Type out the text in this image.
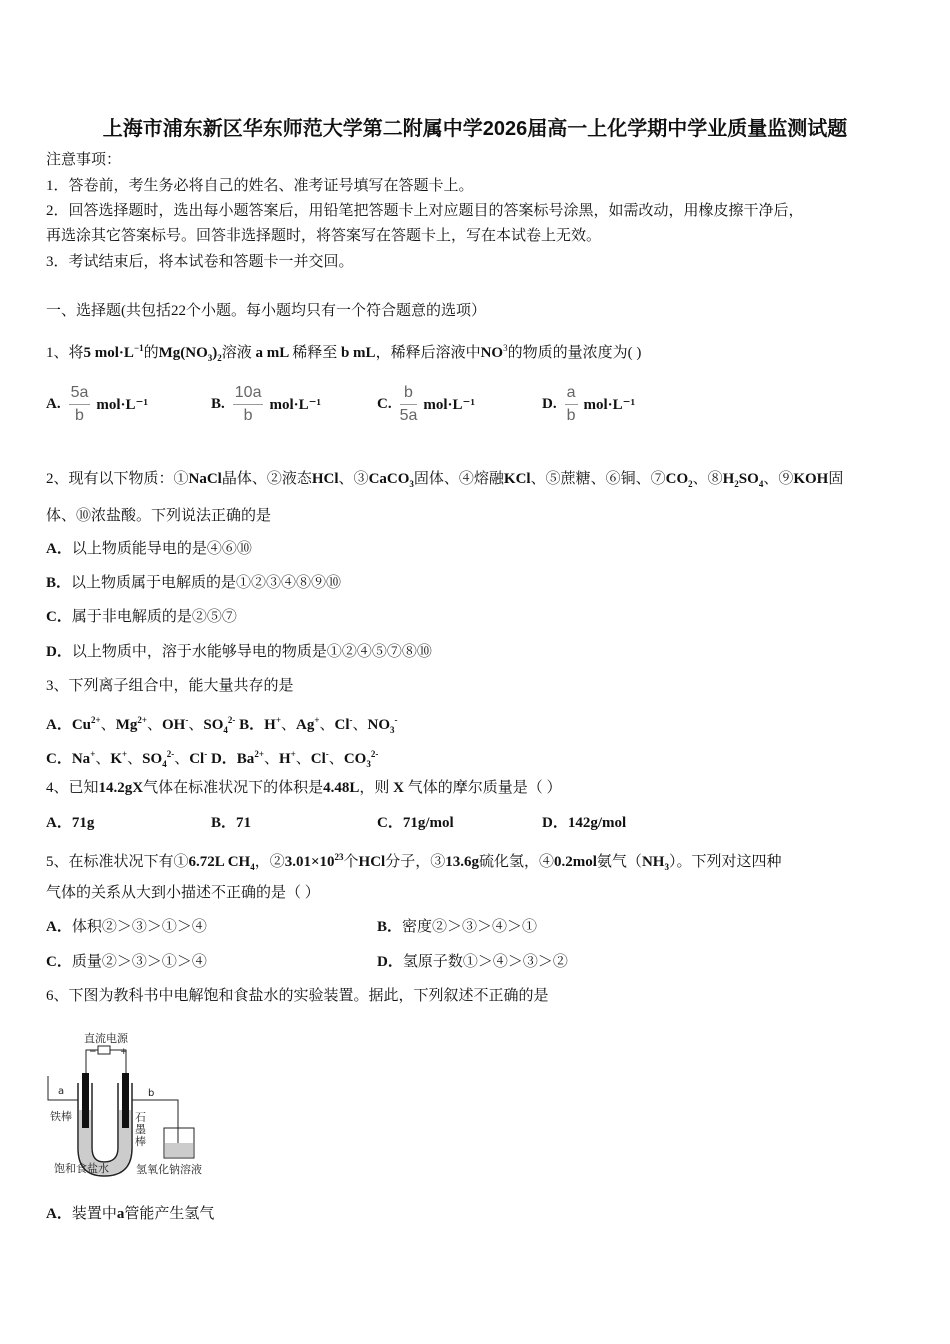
上海市浦东新区华东师范大学第二附属中学2026届高一上化学期中学业质量监测试题
注意事项：
1．答卷前，考生务必将自己的姓名、准考证号填写在答题卡上。
2．回答选择题时，选出每小题答案后，用铅笔把答题卡上对应题目的答案标号涂黑，如需改动，用橡皮擦干净后，
再选涂其它答案标号。回答非选择题时，将答案写在答题卡上，写在本试卷上无效。
3．考试结束后，将本试卷和答题卡一并交回。
一、选择题(共包括22个小题。每小题均只有一个符合题意的选项）
1、将5 $mol\cdot L^{-1}$的$Mg(NO_3)_2$溶液 a mL 稀释至 b mL，稀释后溶液中$NO^3$的物质的量浓度为( )
A. $\frac{5a}{b} mol\cdot L^{-1}$	B. $\frac{10a}{b} mol\cdot L^{-1}$	C. $\frac{b}{5a} mol\cdot L^{-1}$	D. $\frac{a}{b} mol\cdot L^{-1}$
2、现有以下物质：①NaCl晶体、②液态HCl、③CaCO$_3$固体、④熔融KCl、⑤蔗糖、⑥铜、$⑦CO_2$、$⑧H_2SO_4$、⑨KOH固
体、⑩浓盐酸。下列说法正确的是
A．以上物质能导电的是④⑥⑩
B．以上物质属于电解质的是①②③④⑧⑨⑩
C．属于非电解质的是②⑤⑦
D．以上物质中，溶于水能够导电的物质是①②④⑤⑦⑧⑩
3、下列离子组合中，能大量共存的是
A．$Cu^{2+}$、$Mg^{2+}$、OH-、$SO_4^{2-}$ B．H+、Ag+、Cl-、$NO_3^-$
C．Na+、K+、$SO_4^{2-}$、Cl- D．$Ba^{2+}$、H+、Cl-、$CO_3^{2-}$
4、已知14.2gX气体在标准状况下的体积是4.48L，则 X 气体的摩尔质量是（ ）
A．71g	B．71	C．71g/mol	D．142g/mol
5、在标准状况下有①6.72L $CH_4$，$②3.01\times 10^{23}$个HCl分子，③13.6g硫化氢，④0.2mol氨气$(NH_3)$。下列对这四种
气体的关系从大到小描述不正确的是（ ）
A．体积②＞③＞①＞④	B．密度②＞③＞④＞①
C．质量②＞③＞①＞④	D．氢原子数①＞④＞③＞②
6、下图为教科书中电解饱和食盐水的实验装置。据此，下列叙述不正确的是
直流电源
−	+
a	b
铁棒	石
墨
棒
饱和食盐水 氢氧化钠溶液
A．装置中a管能产生氢气
